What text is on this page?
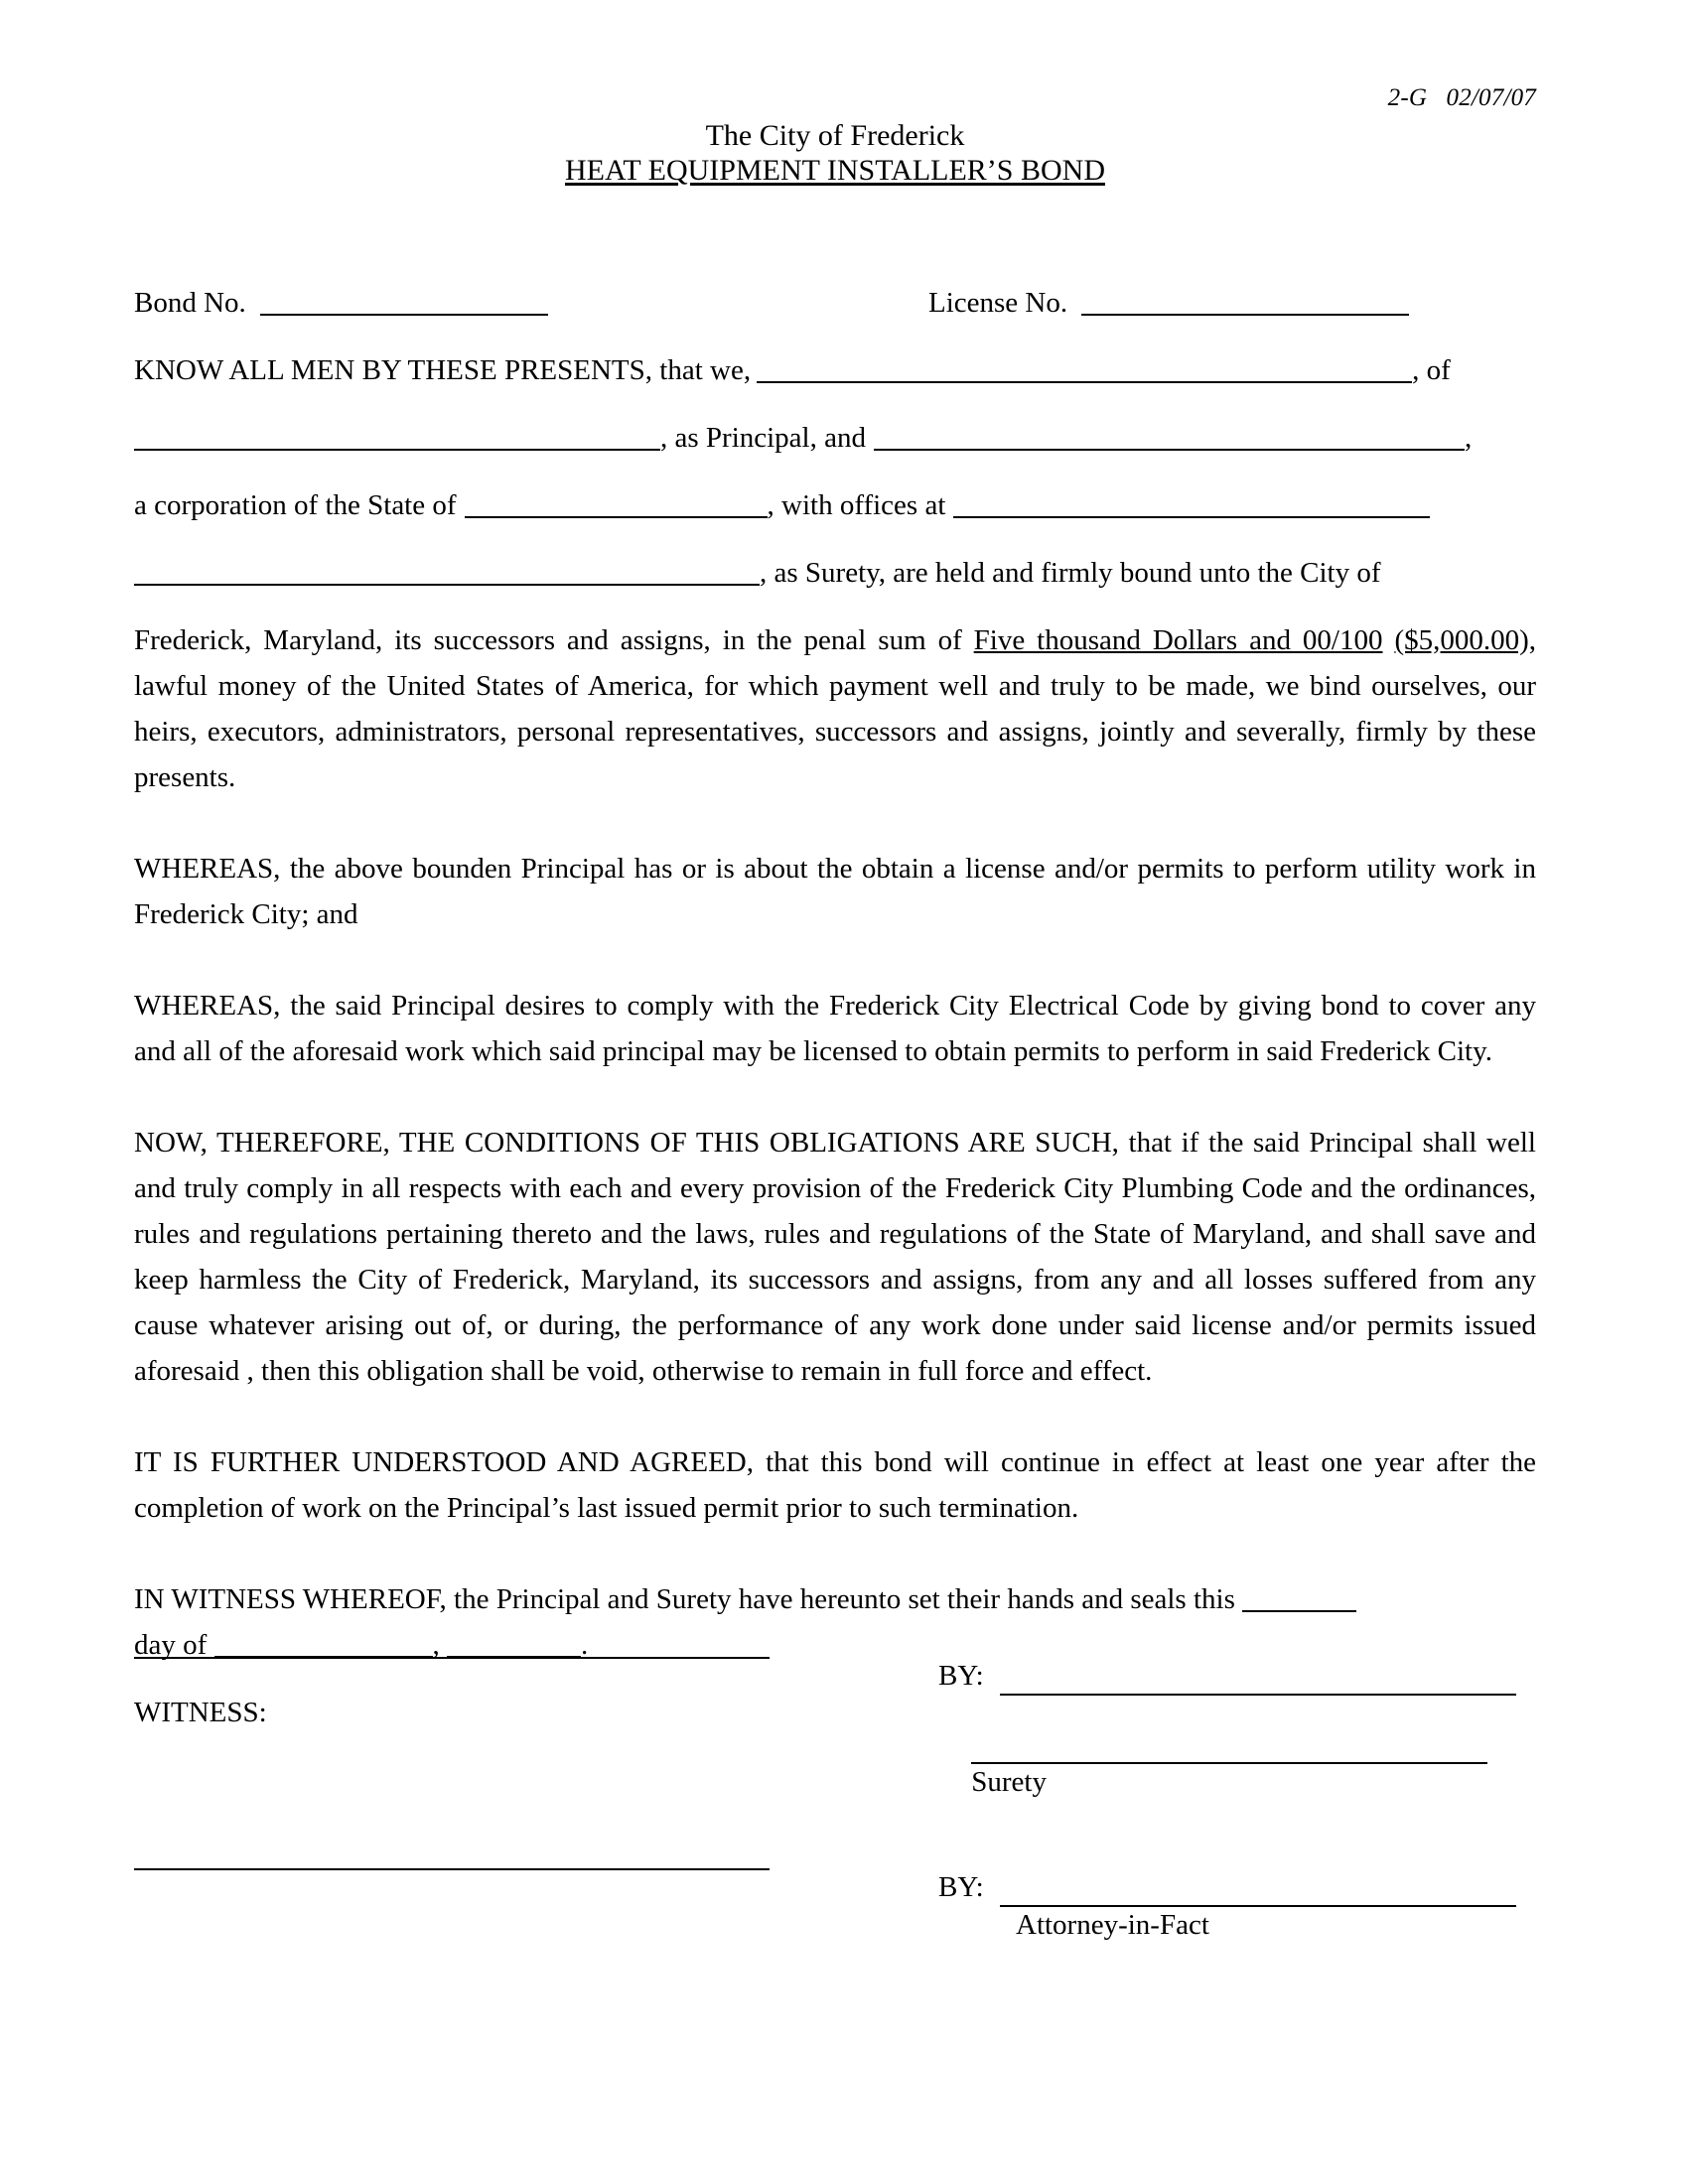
2-G   02/07/07
The City of Frederick
HEAT EQUIPMENT INSTALLER’S BOND
Bond No.	License No.
KNOW ALL MEN BY THESE PRESENTS, that we,	, of
, as Principal, and	,
a corporation of the State of	, with offices at
, as Surety, are held and firmly bound unto the City of

Frederick, Maryland, its successors and assigns, in the penal sum of Five thousand Dollars and 00/100 ($5,000.00), lawful money of the United States of America, for which payment well and truly to be made, we bind ourselves, our heirs, executors, administrators, personal representatives, successors and assigns, jointly and severally, firmly by these presents.

WHEREAS, the above bounden Principal has or is about the obtain a license and/or permits to perform utility work in Frederick City; and

WHEREAS, the said Principal desires to comply with the Frederick City Electrical Code by giving bond to cover any and all of the aforesaid work which said principal may be licensed to obtain permits to perform in said Frederick City.

NOW, THEREFORE, THE CONDITIONS OF THIS OBLIGATIONS ARE SUCH, that if the said Principal shall well and truly comply in all respects with each and every provision of the Frederick City Plumbing Code and the ordinances, rules and regulations pertaining thereto and the laws, rules and regulations of the State of Maryland, and shall save and keep harmless the City of Frederick, Maryland, its successors and assigns, from any and all losses suffered from any cause whatever arising out of, or during, the performance of any work done under said license and/or permits issued aforesaid , then this obligation shall be void, otherwise to remain in full force and effect.

IT IS FURTHER UNDERSTOOD AND AGREED, that this bond will continue in effect at least one year after the completion of work on the Principal’s last issued permit prior to such termination.

IN WITNESS WHEREOF, the Principal and Surety have hereunto set their hands and seals this
day of	,	.
WITNESS:
BY:
Surety
BY:
Attorney-in-Fact
